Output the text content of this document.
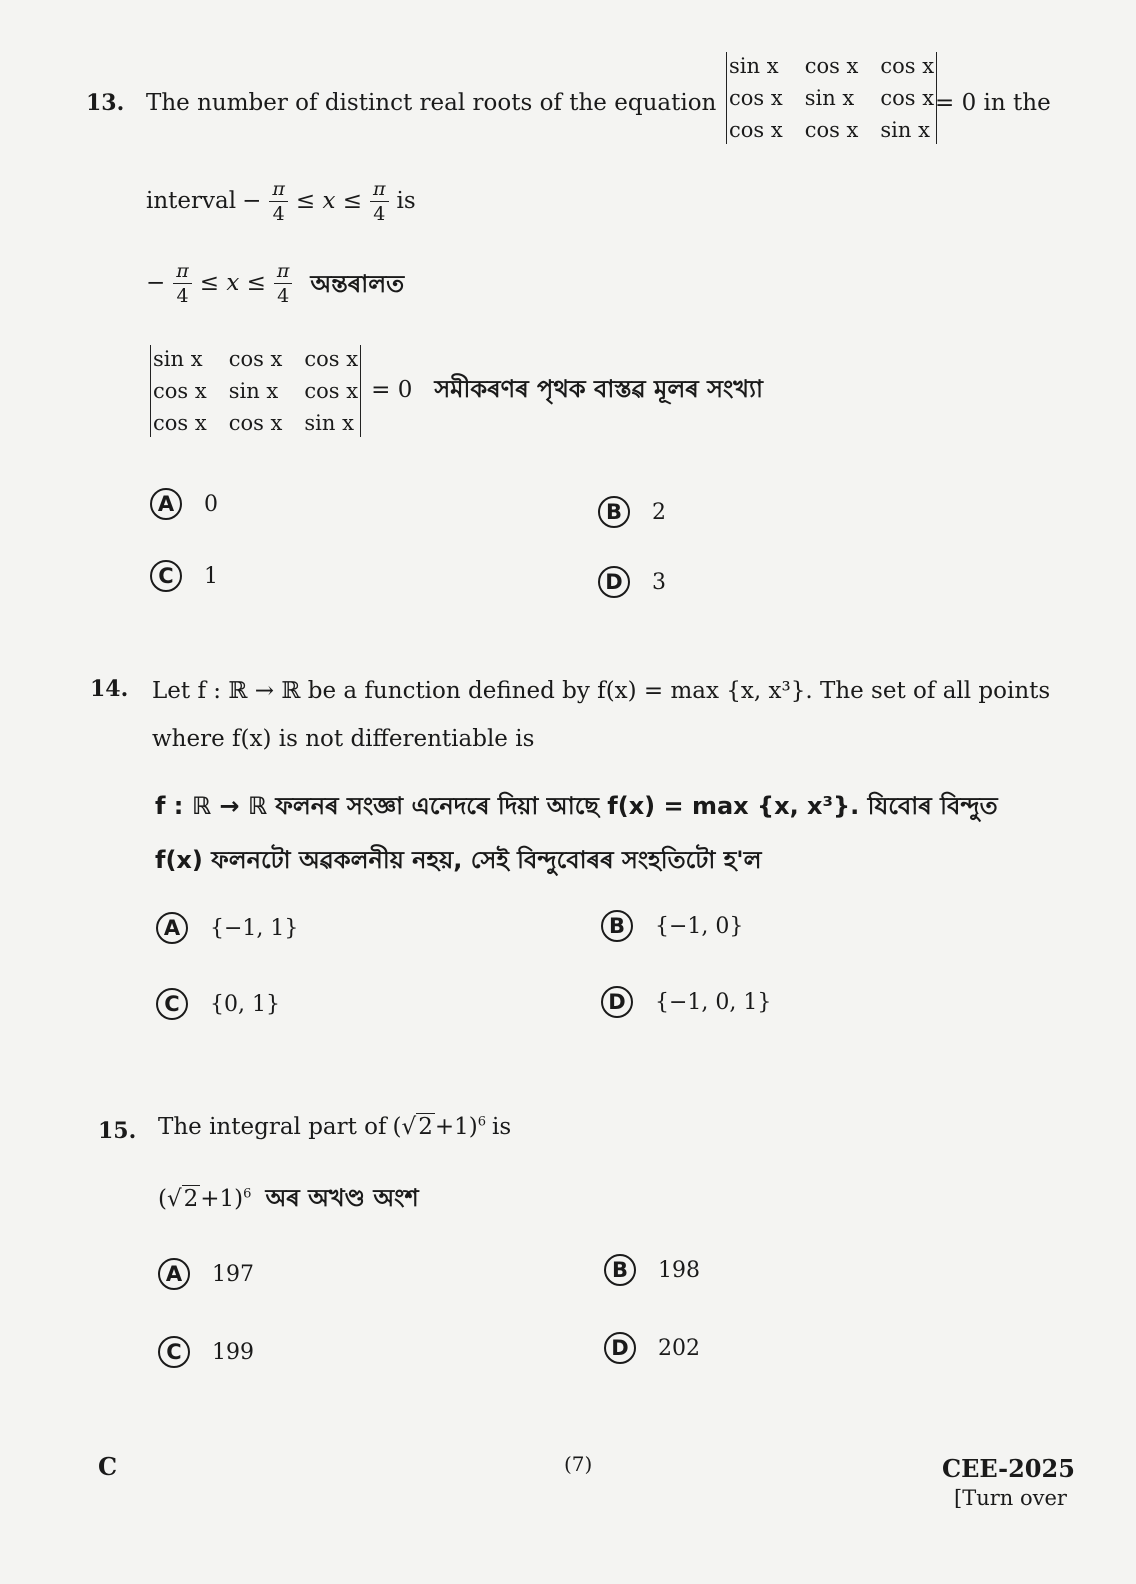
13. The number of distinct real roots of the equation
sin x cos x cos x
cos x sin x cos x
cos x cos x sin x
= 0 in the
interval − $\frac{\pi}{4} \le x \le \frac{\pi}{4}$ is
− $\frac{\pi}{4} \le x \le \frac{\pi}{4}$ অন্তৰালত
sin x cos x cos x
cos x sin x cos x
cos x cos x sin x
= 0 সমীকৰণৰ পৃথক বাস্তৱ মূলৰ সংখ্যা
A	0	B	2
C	1	D	3
14. Let f : ℝ → ℝ be a function defined by f(x) = max {x, x³}. The set of all points
where f(x) is not differentiable is
f : ℝ → ℝ ফলনৰ সংজ্ঞা এনেদৰে দিয়া আছে f(x) = max {x, x³}. যিবোৰ বিন্দুত
f(x) ফলনটো অৱকলনীয় নহয়, সেই বিন্দুবোৰৰ সংহতিটো হ'ল
A	{−1, 1}	B	{−1, 0}
C	{0, 1}	D	{−1, 0, 1}
15. The integral part of $(√2+1)^6$ is
$(√2+1)^6$ অৰ অখণ্ড অংশ
A	197	B	198
C	199	D	202
C	(7)	CEE-2025
[Turn over
